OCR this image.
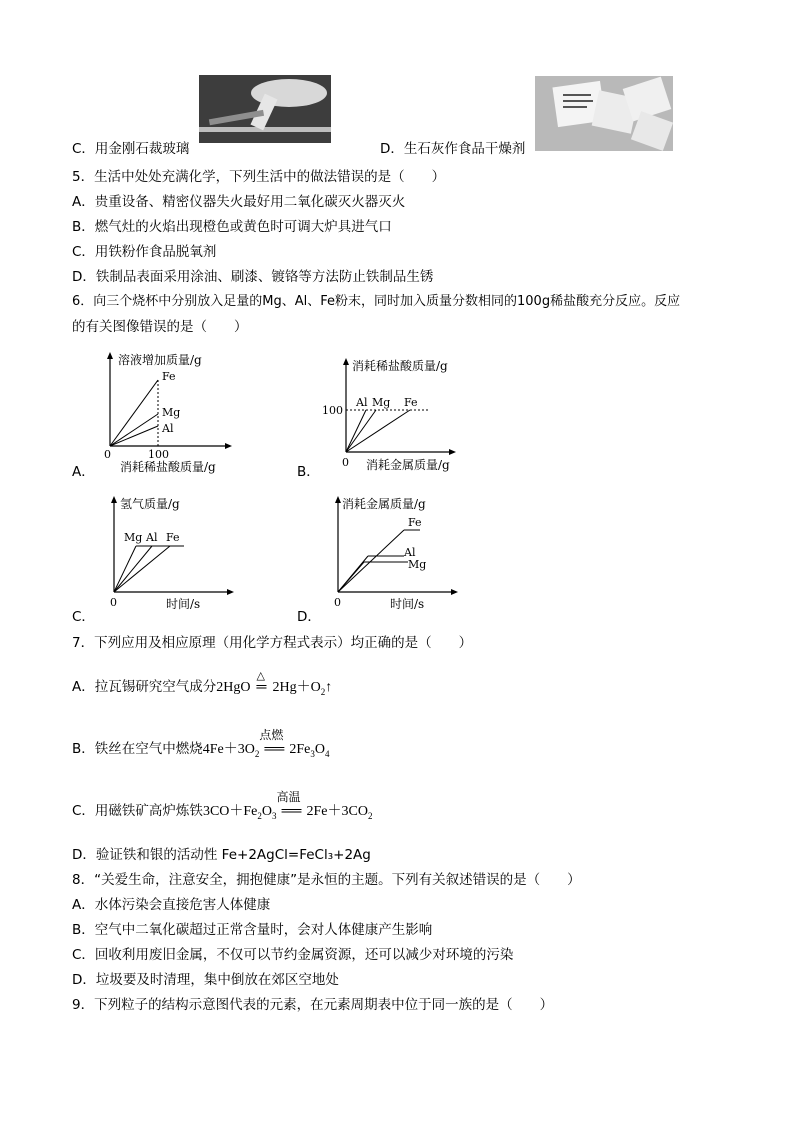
C．用金刚石裁玻璃	D．生石灰作食品干燥剂
5．生活中处处充满化学，下列生活中的做法错误的是（　　）
A．贵重设备、精密仪器失火最好用二氧化碳灭火器灭火
B．燃气灶的火焰出现橙色或黄色时可调大炉具进气口
C．用铁粉作食品脱氧剂
D．铁制品表面采用涂油、刷漆、镀铬等方法防止铁制品生锈
6．向三个烧杯中分别放入足量的Mg、Al、Fe粉末，同时加入质量分数相同的100g稀盐酸充分反应。反应
的有关图像错误的是（　　）
A．
溶液增加质量/g
Fe
Mg
Al
0	100
消耗稀盐酸质量/g	B．
消耗稀盐酸质量/g
100
Al Mg Fe
0 消耗金属质量/g
C．
氢气质量/g
Mg Al Fe
0	时间/s
D．
消耗金属质量/g
Fe
Al
Mg
0	时间/s
7．下列应用及相应原理（用化学方程式表示）均正确的是（　　）
A．拉瓦锡研究空气成分2HgO
△
═ $2Hg+O_2↑$
B．铁丝在空气中燃烧$4Fe+3O_2$
点燃
══ $2Fe_3O_4$
C．用磁铁矿高炉炼铁$3CO+Fe_2O_3$
高温
══ $2Fe+3CO_2$
D．验证铁和银的活动性 Fe+2AgCl=FeCl₃+2Ag
8．“关爱生命，注意安全，拥抱健康”是永恒的主题。下列有关叙述错误的是（　　）
A．水体污染会直接危害人体健康
B．空气中二氧化碳超过正常含量时，会对人体健康产生影响
C．回收利用废旧金属，不仅可以节约金属资源，还可以减少对环境的污染
D．垃圾要及时清理，集中倒放在郊区空地处
9．下列粒子的结构示意图代表的元素，在元素周期表中位于同一族的是（　　）
